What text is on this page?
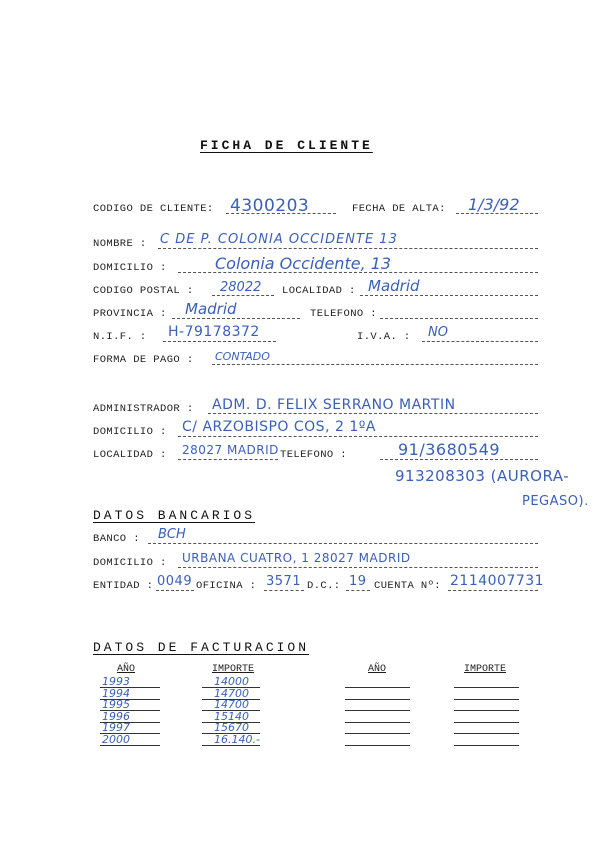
FICHA DE CLIENTE
CODIGO DE CLIENTE: 4300203	FECHA DE ALTA: 1/3/92
NOMBRE : C DE P. COLONIA OCCIDENTE 13
DOMICILIO :	Colonia Occidente, 13
CODIGO POSTAL : 28022 LOCALIDAD : Madrid
PROVINCIA : Madrid	TELEFONO :
N.I.F. : H-79178372	I.V.A. : NO
FORMA DE PAGO : CONTADO
ADMINISTRADOR : ADM. D. FELIX SERRANO MARTIN
DOMICILIO : C/ ARZOBISPO COS, 2 1ºA
LOCALIDAD : 28027 MADRID TELEFONO :	91/3680549
913208303 (AURORA-
PEGASO).
DATOS BANCARIOS
BANCO : BCH
DOMICILIO : URBANA CUATRO, 1 28027 MADRID
ENTIDAD : 0049 OFICINA : 3571 D.C.: 19 CUENTA Nº: 2114007731
DATOS DE FACTURACION
AÑO	IMPORTE	AÑO	IMPORTE
1993	14000
1994	14700
1995	14700
1996	15140
1997	15670
2000	16.140.-
